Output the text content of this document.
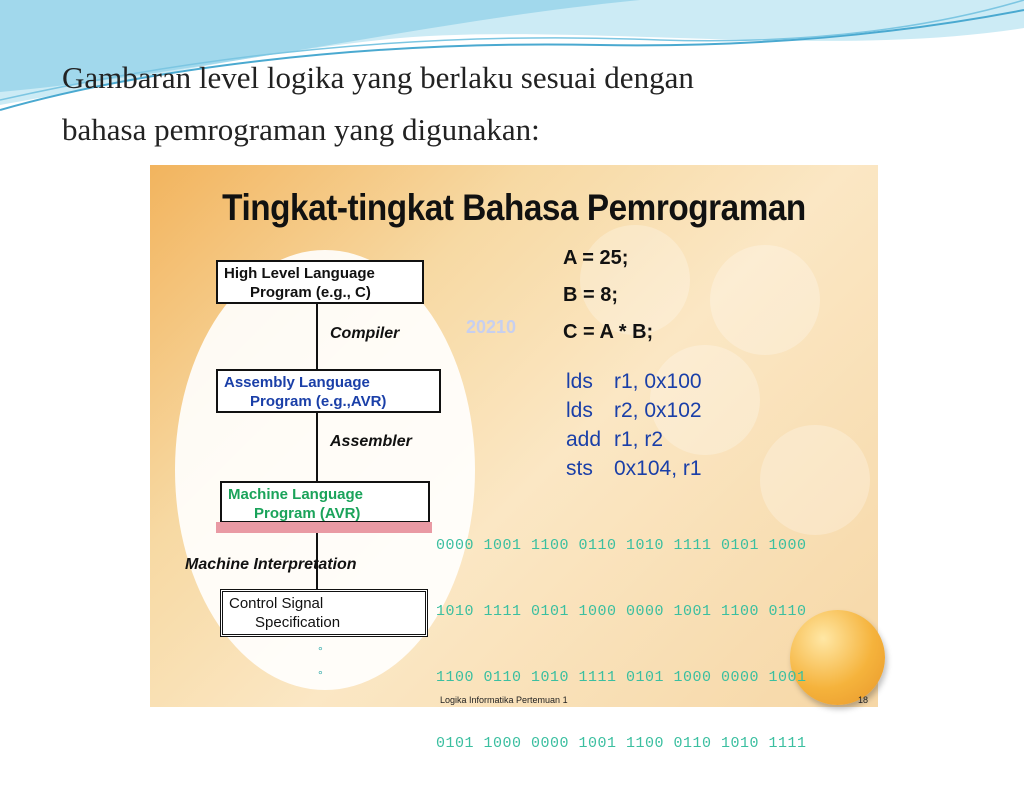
Gambaran level logika yang berlaku sesuai dengan
bahasa pemrograman yang digunakan:
Tingkat-tingkat Bahasa Pemrograman
High Level Language
Program (e.g., C)
Compiler
Assembly Language
Program (e.g.,AVR)
Assembler
Machine Language
Program (AVR)
Machine Interpretation
Control Signal
Specification
°
°
20210
A = 25;
B = 8;
C = A * B;
lds r1, 0x100
lds r2, 0x102
add r1, r2
sts 0x104, r1

0000 1001 1100 0110 1010 1111 0101 1000

1010 1111 0101 1000 0000 1001 1100 0110

1100 0110 1010 1111 0101 1000 0000 1001

0101 1000 0000 1001 1100 0110 1010 1111

Logika Informatika Pertemuan 1	18
